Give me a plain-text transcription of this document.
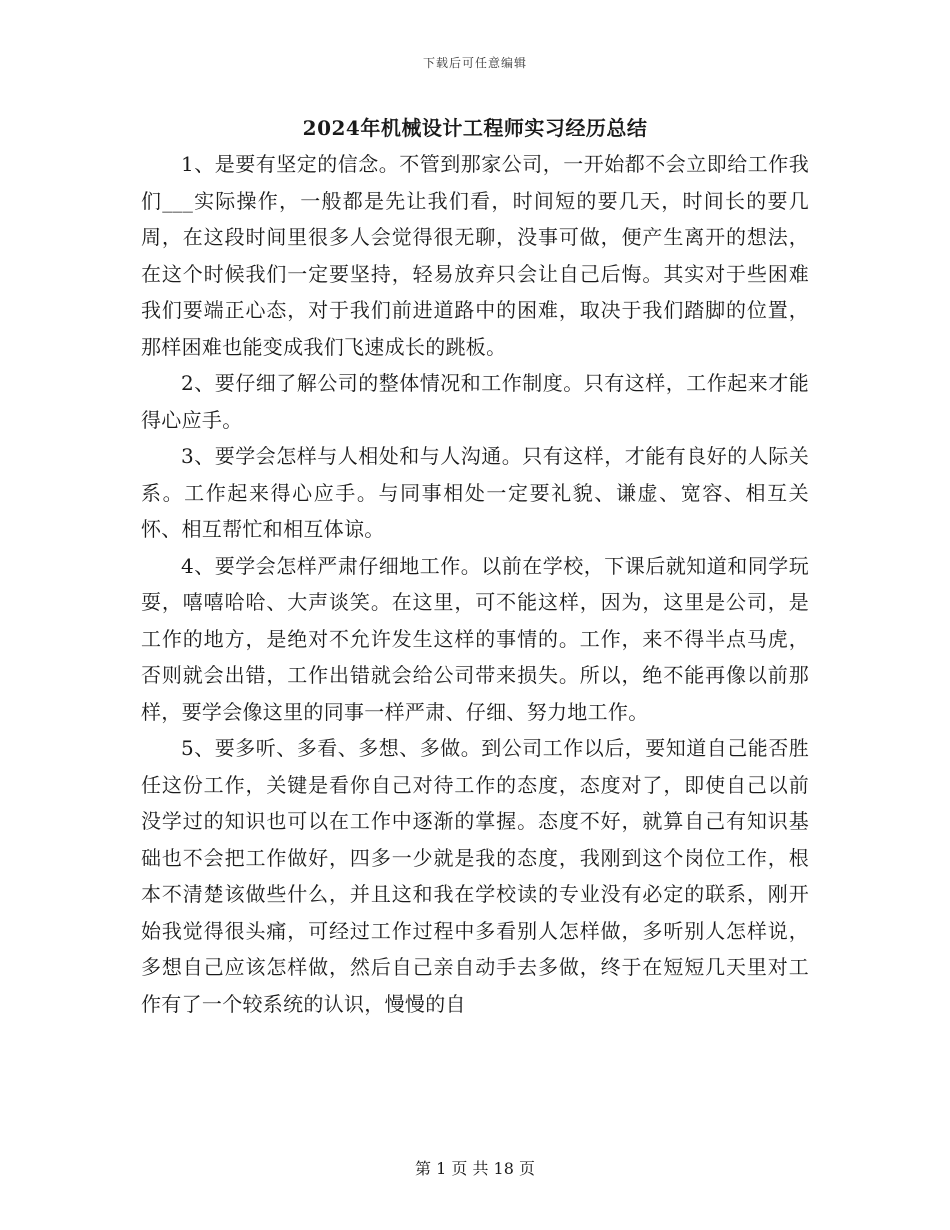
下载后可任意编辑
2024年机械设计工程师实习经历总结

1、是要有坚定的信念。不管到那家公司，一开始都不会立即给工作我们___实际操作，一般都是先让我们看，时间短的要几天，时间长的要几周，在这段时间里很多人会觉得很无聊，没事可做，便产生离开的想法，在这个时候我们一定要坚持，轻易放弃只会让自己后悔。其实对于些困难我们要端正心态，对于我们前进道路中的困难，取决于我们踏脚的位置，那样困难也能变成我们飞速成长的跳板。

2、要仔细了解公司的整体情况和工作制度。只有这样，工作起来才能得心应手。

3、要学会怎样与人相处和与人沟通。只有这样，才能有良好的人际关系。工作起来得心应手。与同事相处一定要礼貌、谦虚、宽容、相互关怀、相互帮忙和相互体谅。

4、要学会怎样严肃仔细地工作。以前在学校，下课后就知道和同学玩耍，嘻嘻哈哈、大声谈笑。在这里，可不能这样，因为，这里是公司，是工作的地方，是绝对不允许发生这样的事情的。工作，来不得半点马虎，否则就会出错，工作出错就会给公司带来损失。所以，绝不能再像以前那样，要学会像这里的同事一样严肃、仔细、努力地工作。

5、要多听、多看、多想、多做。到公司工作以后，要知道自己能否胜任这份工作，关键是看你自己对待工作的态度，态度对了，即使自己以前没学过的知识也可以在工作中逐渐的掌握。态度不好，就算自己有知识基础也不会把工作做好，四多一少就是我的态度，我刚到这个岗位工作，根本不清楚该做些什么，并且这和我在学校读的专业没有必定的联系，刚开始我觉得很头痛，可经过工作过程中多看别人怎样做，多听别人怎样说，多想自己应该怎样做，然后自己亲自动手去多做，终于在短短几天里对工作有了一个较系统的认识，慢慢的自

第 1 页 共 18 页
